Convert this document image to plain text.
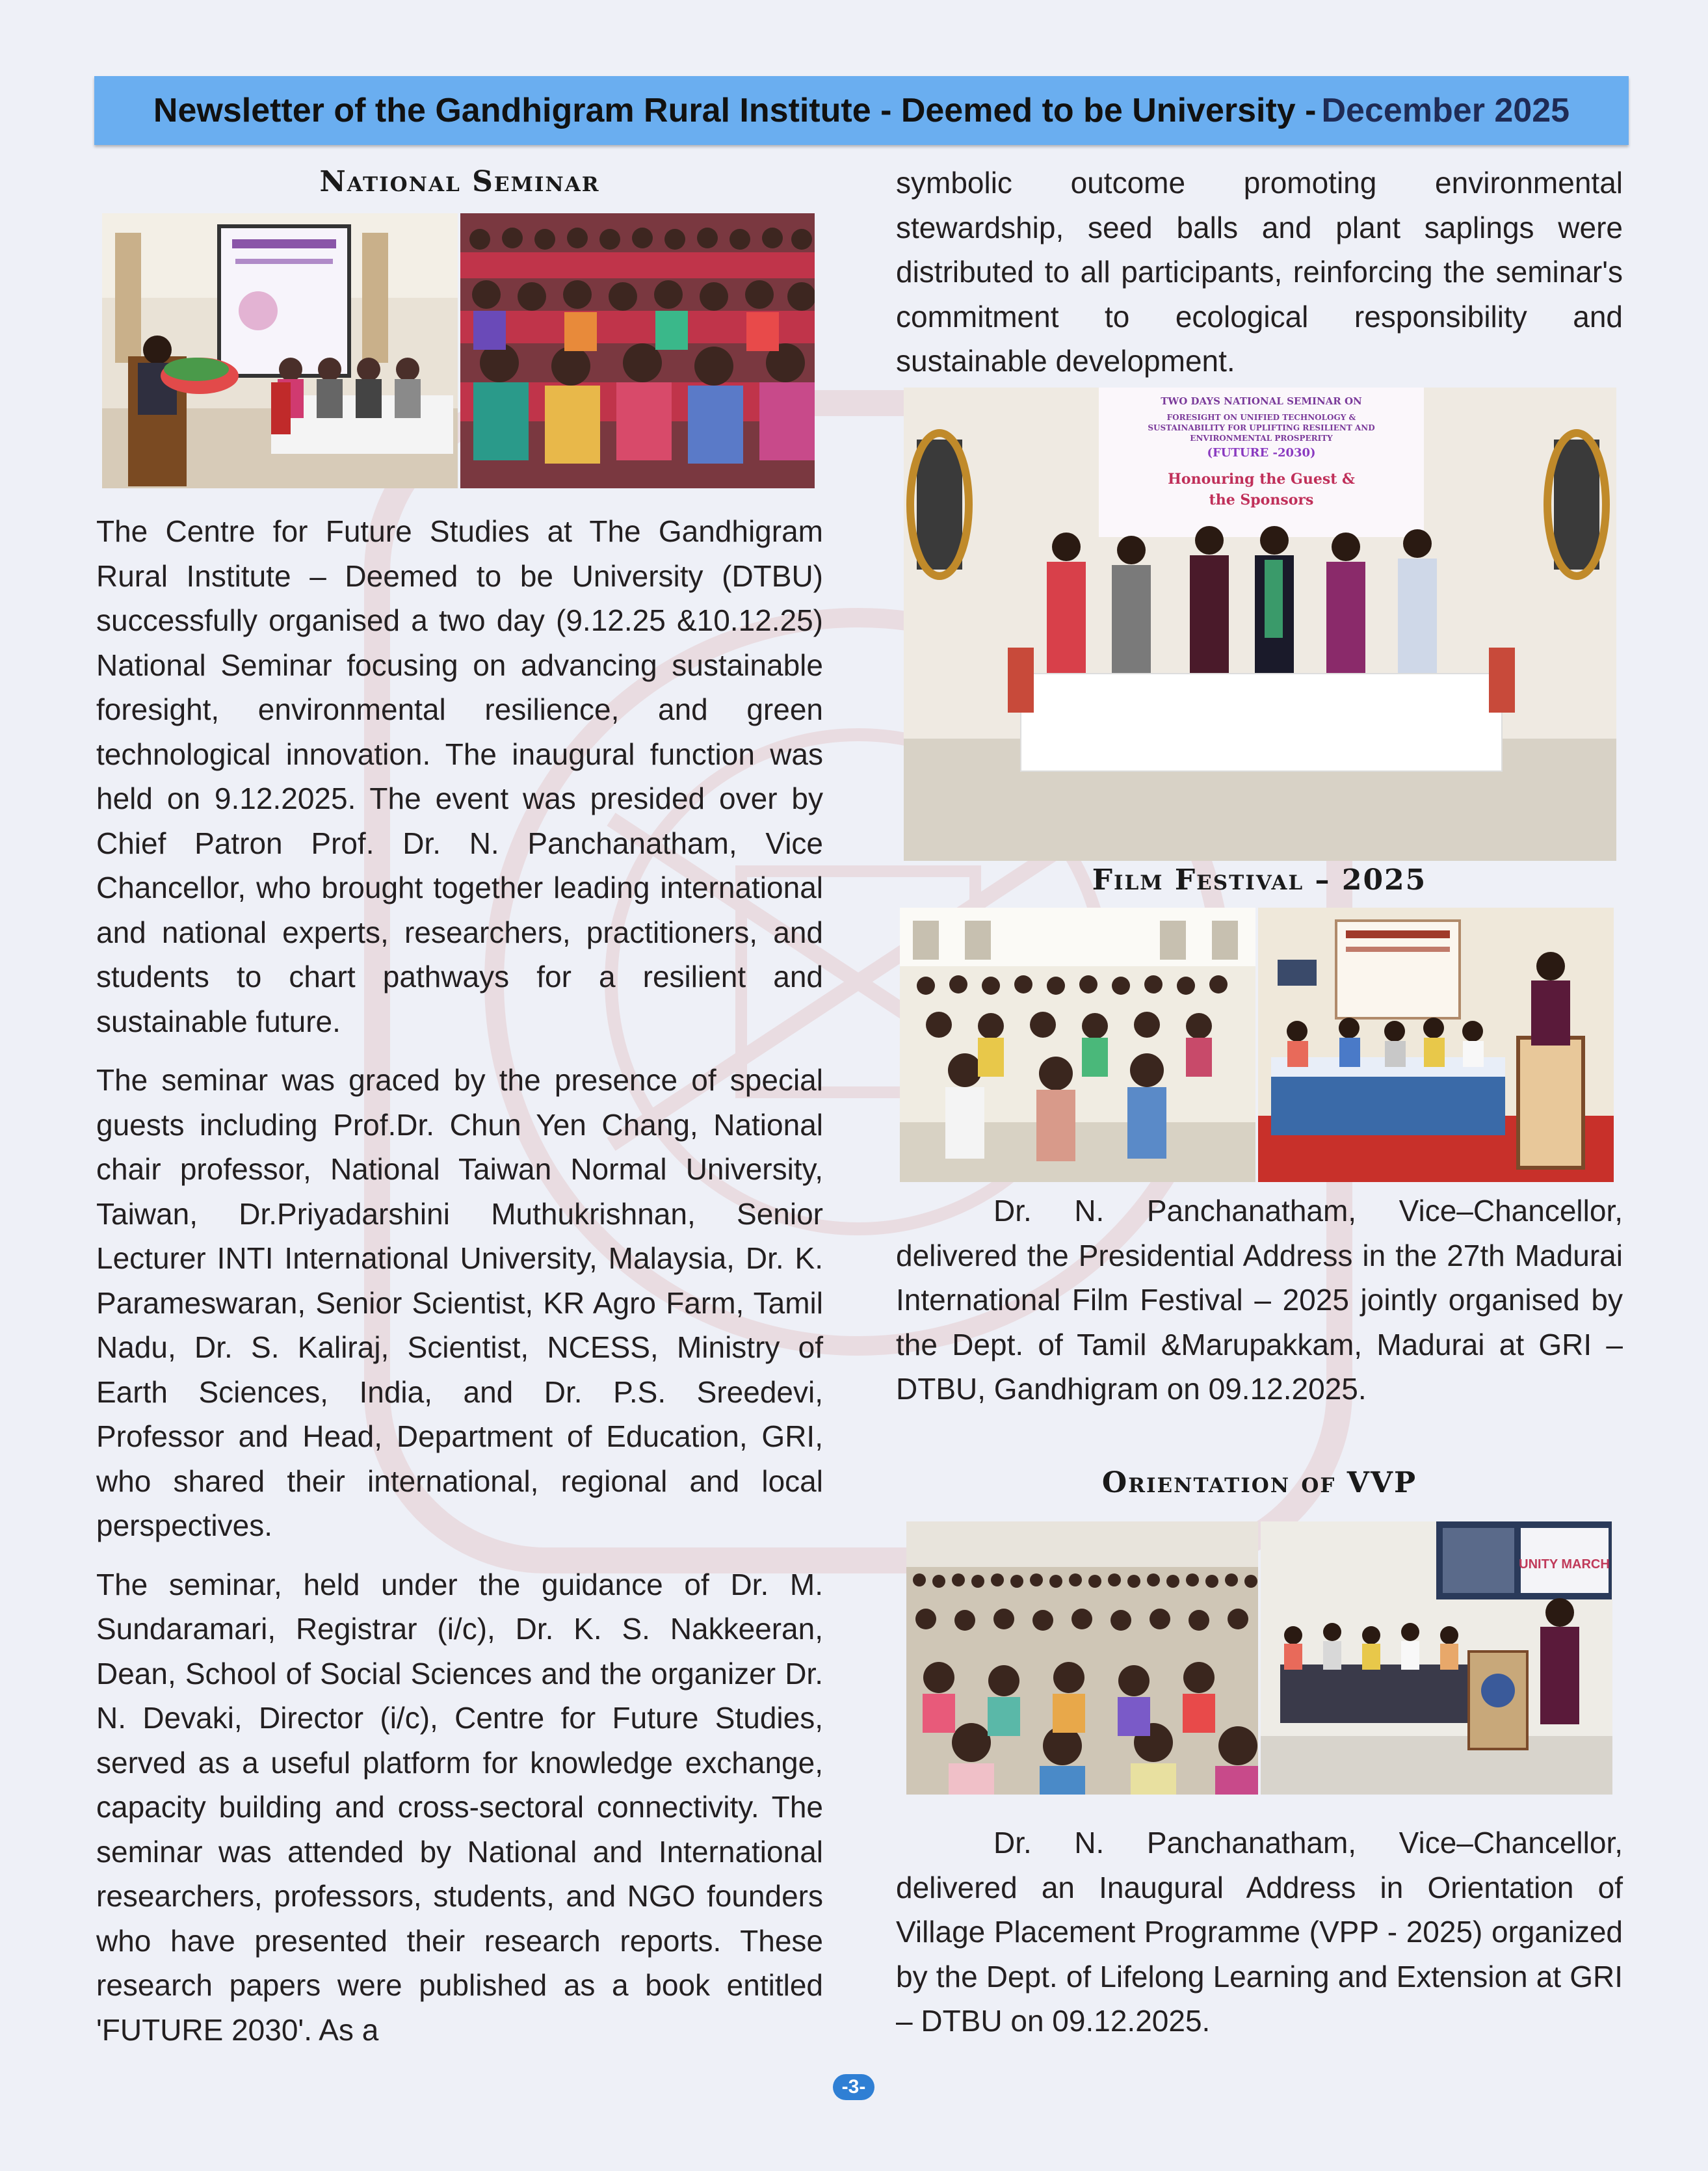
Newsletter of the Gandhigram Rural Institute - Deemed to be University - December 2025
National Seminar

The Centre for Future Studies at The Gandhigram Rural Institute – Deemed to be University (DTBU) successfully organised a two day (9.12.25 &10.12.25) National Seminar focusing on advancing sustainable foresight, environmental resilience, and green technological innovation. The inaugural function was held on 9.12.2025. The event was presided over by Chief Patron Prof. Dr. N. Panchanatham, Vice Chancellor, who brought together leading international and national experts, researchers, practitioners, and students to chart pathways for a resilient and sustainable future.

The seminar was graced by the presence of special guests including Prof.Dr. Chun Yen Chang, National chair professor, National Taiwan Normal University, Taiwan, Dr.Priyadarshini Muthukrishnan, Senior Lecturer INTI International University, Malaysia, Dr. K. Parameswaran, Senior Scientist, KR Agro Farm, Tamil Nadu, Dr. S. Kaliraj, Scientist, NCESS, Ministry of Earth Sciences, India, and Dr. P.S. Sreedevi, Professor and Head, Department of Education, GRI, who shared their international, regional and local perspectives.

The seminar, held under the guidance of Dr. M. Sundaramari, Registrar (i/c), Dr. K. S. Nakkeeran, Dean, School of Social Sciences and the organizer Dr. N. Devaki, Director (i/c), Centre for Future Studies, served as a useful platform for knowledge exchange, capacity building and cross-sectoral connectivity. The seminar was attended by National and International researchers, professors, students, and NGO founders who have presented their research reports. These research papers were published as a book entitled 'FUTURE 2030'. As a

symbolic outcome promoting environmental stewardship, seed balls and plant saplings were distributed to all participants, reinforcing the seminar's commitment to ecological responsibility and sustainable development.

TWO DAYS NATIONAL SEMINAR ON
FORESIGHT ON UNIFIED TECHNOLOGY &
SUSTAINABILITY FOR UPLIFTING RESILIENT AND
ENVIRONMENTAL PROSPERITY
(FUTURE -2030)
Honouring the Guest &
the Sponsors
Film Festival – 2025

Dr. N. Panchanatham, Vice–Chancellor, delivered the Presidential Address in the 27th Madurai International Film Festival – 2025 jointly organised by the Dept. of Tamil &Marupakkam, Madurai at GRI – DTBU, Gandhigram on 09.12.2025.

Orientation of VVP
UNITY MARCH

Dr. N. Panchanatham, Vice–Chancellor, delivered an Inaugural Address in Orientation of Village Placement Programme (VPP - 2025) organized by the Dept. of Lifelong Learning and Extension at GRI – DTBU on 09.12.2025.

-3-
